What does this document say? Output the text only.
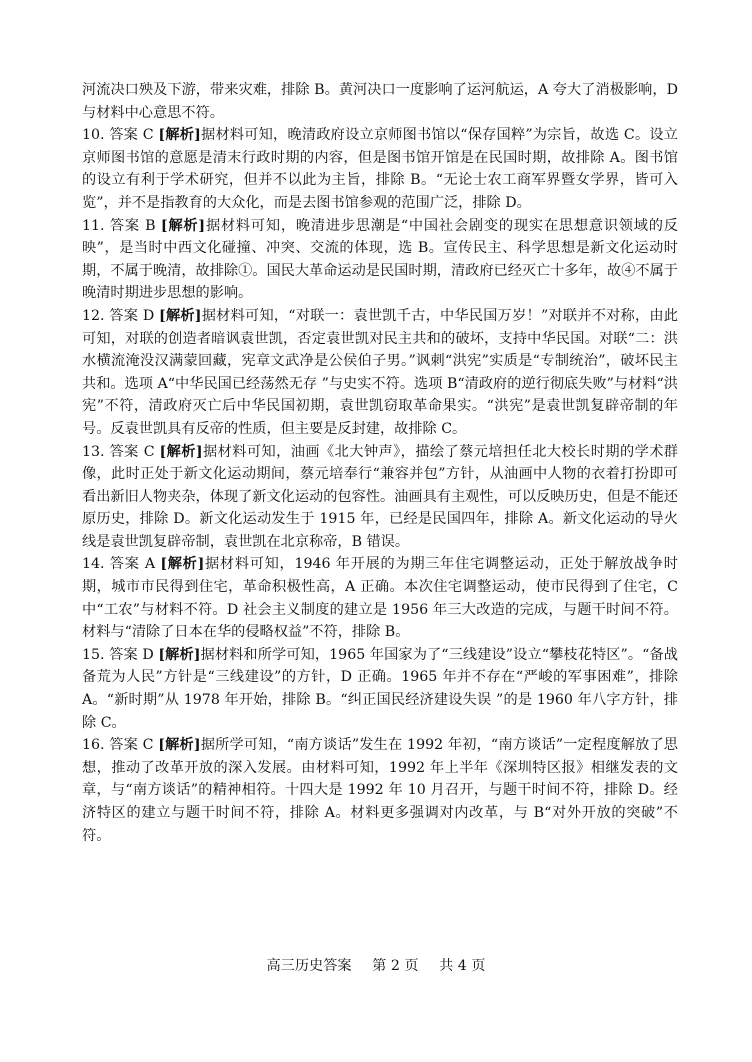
河流决口殃及下游，带来灾难，排除 B。黄河决口一度影响了运河航运，A 夸大了消极影响，D 与材料中心意思不符。

10. 答案 C [解析]据材料可知，晚清政府设立京师图书馆以“保存国粹”为宗旨，故选 C。设立京师图书馆的意愿是清末行政时期的内容，但是图书馆开馆是在民国时期，故排除 A。图书馆的设立有利于学术研究，但并不以此为主旨，排除 B。“无论士农工商军界暨女学界，皆可入览”，并不是指教育的大众化，而是去图书馆参观的范围广泛，排除 D。

11. 答案 B [解析]据材料可知，晚清进步思潮是“中国社会剧变的现实在思想意识领域的反映”，是当时中西文化碰撞、冲突、交流的体现，选 B。宣传民主、科学思想是新文化运动时期，不属于晚清，故排除①。国民大革命运动是民国时期，清政府已经灭亡十多年，故④不属于晚清时期进步思想的影响。

12. 答案 D [解析]据材料可知，“对联一：袁世凯千古，中华民国万岁！”对联并不对称，由此可知，对联的创造者暗讽袁世凯，否定袁世凯对民主共和的破坏，支持中华民国。对联“二：洪水横流淹没汉满蒙回藏，宪章文武净是公侯伯子男。”讽刺“洪宪”实质是“专制统治”，破坏民主共和。选项 A“中华民国已经荡然无存 ”与史实不符。选项 B“清政府的逆行彻底失败”与材料“洪宪”不符，清政府灭亡后中华民国初期，袁世凯窃取革命果实。“洪宪”是袁世凯复辟帝制的年号。反袁世凯具有反帝的性质，但主要是反封建，故排除 C。

13. 答案 C [解析]据材料可知，油画《北大钟声》，描绘了蔡元培担任北大校长时期的学术群像，此时正处于新文化运动期间，蔡元培奉行“兼容并包”方针，从油画中人物的衣着打扮即可看出新旧人物夹杂，体现了新文化运动的包容性。油画具有主观性，可以反映历史，但是不能还原历史，排除 D。新文化运动发生于 1915 年，已经是民国四年，排除 A。新文化运动的导火线是袁世凯复辟帝制，袁世凯在北京称帝，B 错误。

14. 答案 A [解析]据材料可知，1946 年开展的为期三年住宅调整运动，正处于解放战争时期，城市市民得到住宅，革命积极性高，A 正确。本次住宅调整运动，使市民得到了住宅，C 中“工农”与材料不符。D 社会主义制度的建立是 1956 年三大改造的完成，与题干时间不符。材料与“清除了日本在华的侵略权益”不符，排除 B。

15. 答案 D [解析]据材料和所学可知，1965 年国家为了“三线建设”设立“攀枝花特区”。“备战备荒为人民”方针是“三线建设”的方针，D 正确。1965 年并不存在“严峻的军事困难”，排除 A。“新时期”从 1978 年开始，排除 B。“纠正国民经济建设失误 ”的是 1960 年八字方针，排除 C。

16. 答案 C [解析]据所学可知，“南方谈话”发生在 1992 年初，“南方谈话”一定程度解放了思想，推动了改革开放的深入发展。由材料可知，1992 年上半年《深圳特区报》相继发表的文章，与“南方谈话”的精神相符。十四大是 1992 年 10 月召开，与题干时间不符，排除 D。经济特区的建立与题干时间不符，排除 A。材料更多强调对内改革，与 B“对外开放的突破”不符。

高三历史答案 第 2 页 共 4 页
